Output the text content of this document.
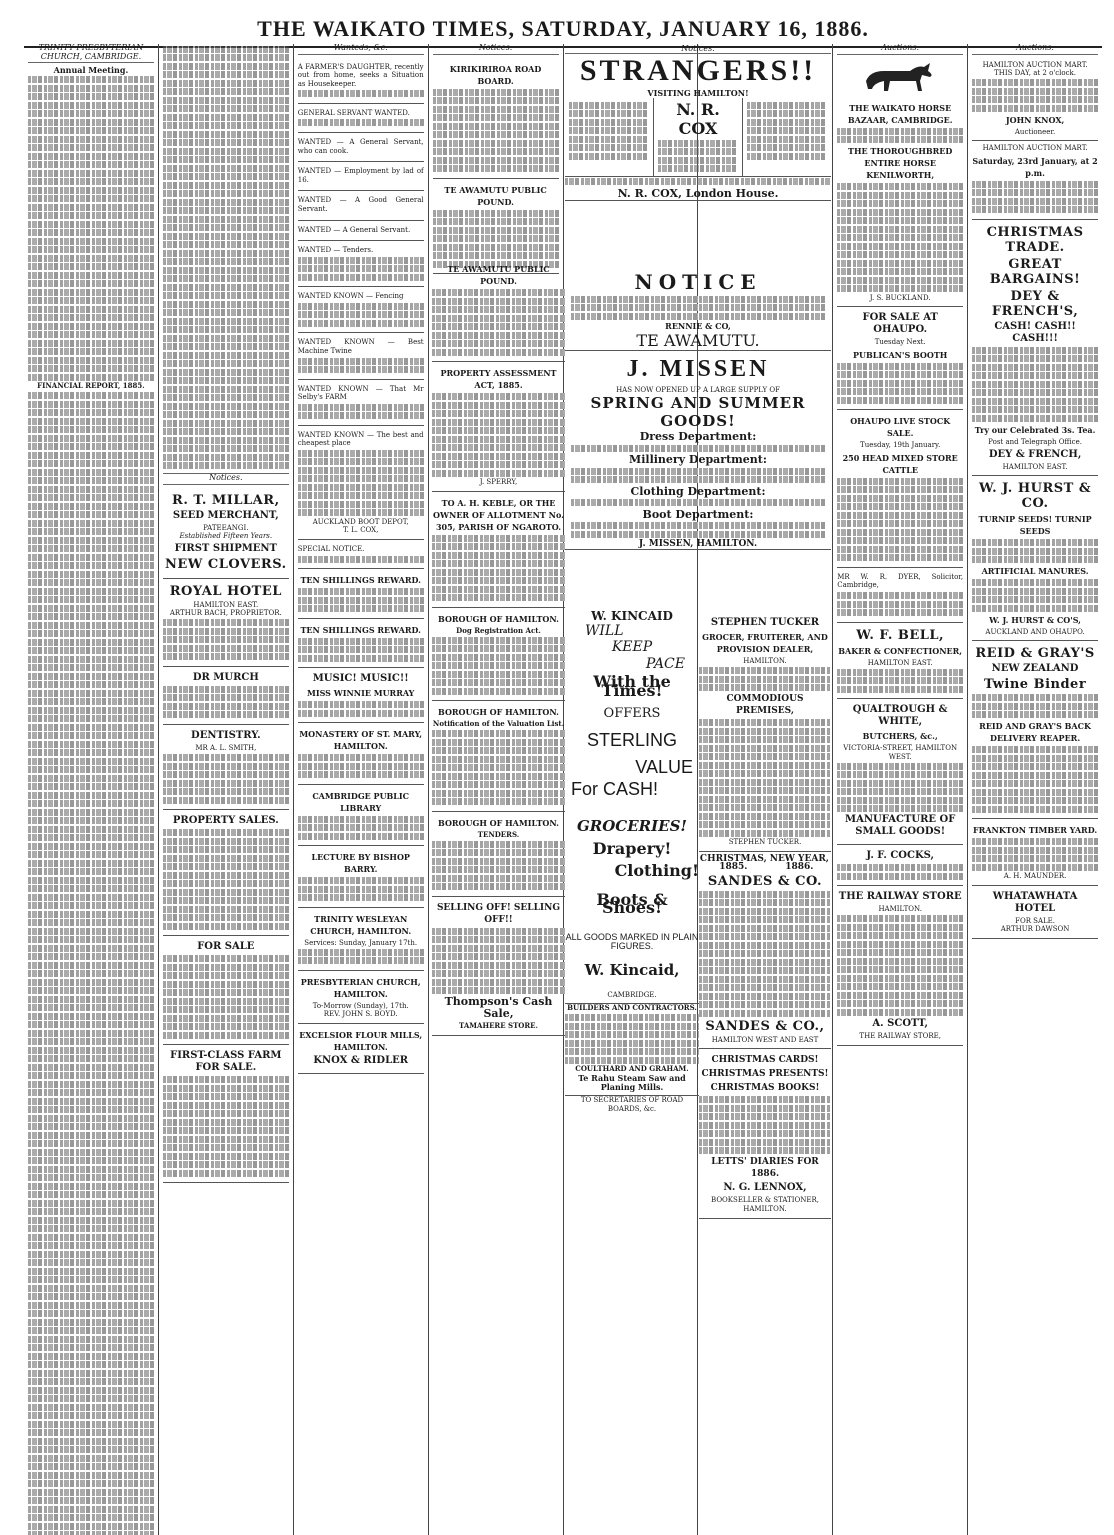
THE WAIKATO TIMES, SATURDAY, JANUARY 16, 1886.
TRINITY PRESBYTERIAN CHURCH, CAMBRIDGE.
Annual Meeting.
FINANCIAL REPORT, 1885.
Notices.
R. T. MILLAR,
SEED MERCHANT,
PATEEANGI.
Established Fifteen Years.
FIRST SHIPMENT
NEW CLOVERS.
ROYAL HOTEL
HAMILTON EAST.
ARTHUR BACH, PROPRIETOR.
DR MURCH
DENTISTRY.
MR A. L. SMITH,
PROPERTY SALES.
FOR SALE
FIRST-CLASS FARM FOR SALE.
Wanteds, &c.

A FARMER'S DAUGHTER, recently out from home, seeks a Situation as Housekeeper.

GENERAL SERVANT WANTED.

WANTED — A General Servant, who can cook.

WANTED — Employment by lad of 16.

WANTED — A Good General Servant.

WANTED — A General Servant.

WANTED — Tenders.

WANTED KNOWN — Fencing

WANTED KNOWN — Best Machine Twine

WANTED KNOWN — That Mr Selby's FARM

WANTED KNOWN — The best and cheapest place

AUCKLAND BOOT DEPOT,
T. L. COX,

SPECIAL NOTICE.

TEN SHILLINGS REWARD.
TEN SHILLINGS REWARD.
MUSIC! MUSIC!!
MISS WINNIE MURRAY
MONASTERY OF ST. MARY, HAMILTON.
CAMBRIDGE PUBLIC LIBRARY
LECTURE BY BISHOP BARRY.
TRINITY WESLEYAN CHURCH, HAMILTON.
Services: Sunday, January 17th.
PRESBYTERIAN CHURCH, HAMILTON.
To-Morrow (Sunday), 17th.
REV. JOHN S. BOYD.
EXCELSIOR FLOUR MILLS, HAMILTON.
KNOX & RIDLER
Notices.
KIRIKIRIROA ROAD BOARD.
TE AWAMUTU PUBLIC POUND.
Auctions.
THE WAIKATO HORSE BAZAAR, CAMBRIDGE.
THE THOROUGHBRED ENTIRE HORSE KENILWORTH,
J. S. BUCKLAND.
FOR SALE AT OHAUPO.
Tuesday Next.
PUBLICAN'S BOOTH
OHAUPO LIVE STOCK SALE.
Tuesday, 19th January.
250 HEAD MIXED STORE CATTLE

MR W. R. DYER, Solicitor, Cambridge,

W. F. BELL,
BAKER & CONFECTIONER,
HAMILTON EAST.
QUALTROUGH & WHITE,
BUTCHERS, &c.,
VICTORIA-STREET, HAMILTON WEST.
MANUFACTURE OF SMALL GOODS!
J. F. COCKS,
THE RAILWAY STORE
HAMILTON.
A. SCOTT,
THE RAILWAY STORE,
Auctions.
HAMILTON AUCTION MART.
THIS DAY, at 2 o'clock.
JOHN KNOX,
Auctioneer.
HAMILTON AUCTION MART.
Saturday, 23rd January, at 2 p.m.
CHRISTMAS TRADE.
GREAT BARGAINS!
DEY & FRENCH'S,
CASH! CASH!! CASH!!!
Try our Celebrated 3s. Tea.
Post and Telegraph Office.
DEY & FRENCH,
HAMILTON EAST.
W. J. HURST & CO.
TURNIP SEEDS! TURNIP SEEDS
ARTIFICIAL MANURES.
W. J. HURST & CO'S,
AUCKLAND AND OHAUPO.
REID & GRAY'S
NEW ZEALAND
Twine Binder
REID AND GRAY'S BACK DELIVERY REAPER.
FRANKTON TIMBER YARD.
A. H. MAUNDER.
WHATAWHATA HOTEL
FOR SALE.
ARTHUR DAWSON
Notices.
STRANGERS!!
VISITING HAMILTON!
N. R. COX
N. R. COX, London House.
NOTICE
RENNIE & CO,
TE AWAMUTU.
J. MISSEN
HAS NOW OPENED UP A LARGE SUPPLY OF
SPRING AND SUMMER GOODS!
Dress Department:
Millinery Department:
Clothing Department:
Boot Department:
J. MISSEN, HAMILTON.
W. KINCAID
WILL
KEEP
PACE
With the Times!
OFFERS
STERLING
VALUE
For CASH!
GROCERIES!
Drapery!
Clothing!
Boots & Shoes!
ALL GOODS MARKED IN PLAIN FIGURES.
W. Kincaid,
CAMBRIDGE.
BUILDERS AND CONTRACTORS.
COULTHARD AND GRAHAM.
Te Rahu Steam Saw and Planing Mills.
TO SECRETARIES OF ROAD BOARDS, &c.
STEPHEN TUCKER
GROCER, FRUITERER, AND PROVISION DEALER,
HAMILTON.
COMMODIOUS PREMISES,
STEPHEN TUCKER.
CHRISTMAS, 1885.
NEW YEAR, 1886.
SANDES & CO.
SANDES & CO.,
HAMILTON WEST AND EAST
CHRISTMAS CARDS!
CHRISTMAS PRESENTS!
CHRISTMAS BOOKS!
LETTS' DIARIES FOR 1886.
N. G. LENNOX,
BOOKSELLER & STATIONER,
HAMILTON.
TE AWAMUTU PUBLIC POUND.
PROPERTY ASSESSMENT ACT, 1885.
J. SPERRY,
TO A. H. KEBLE, OR THE OWNER OF ALLOTMENT No. 305, PARISH OF NGAROTO.
BOROUGH OF HAMILTON.
Dog Registration Act.
BOROUGH OF HAMILTON.
Notification of the Valuation List.
BOROUGH OF HAMILTON.
TENDERS.
SELLING OFF! SELLING OFF!!
Thompson's Cash Sale,
TAMAHERE STORE.
